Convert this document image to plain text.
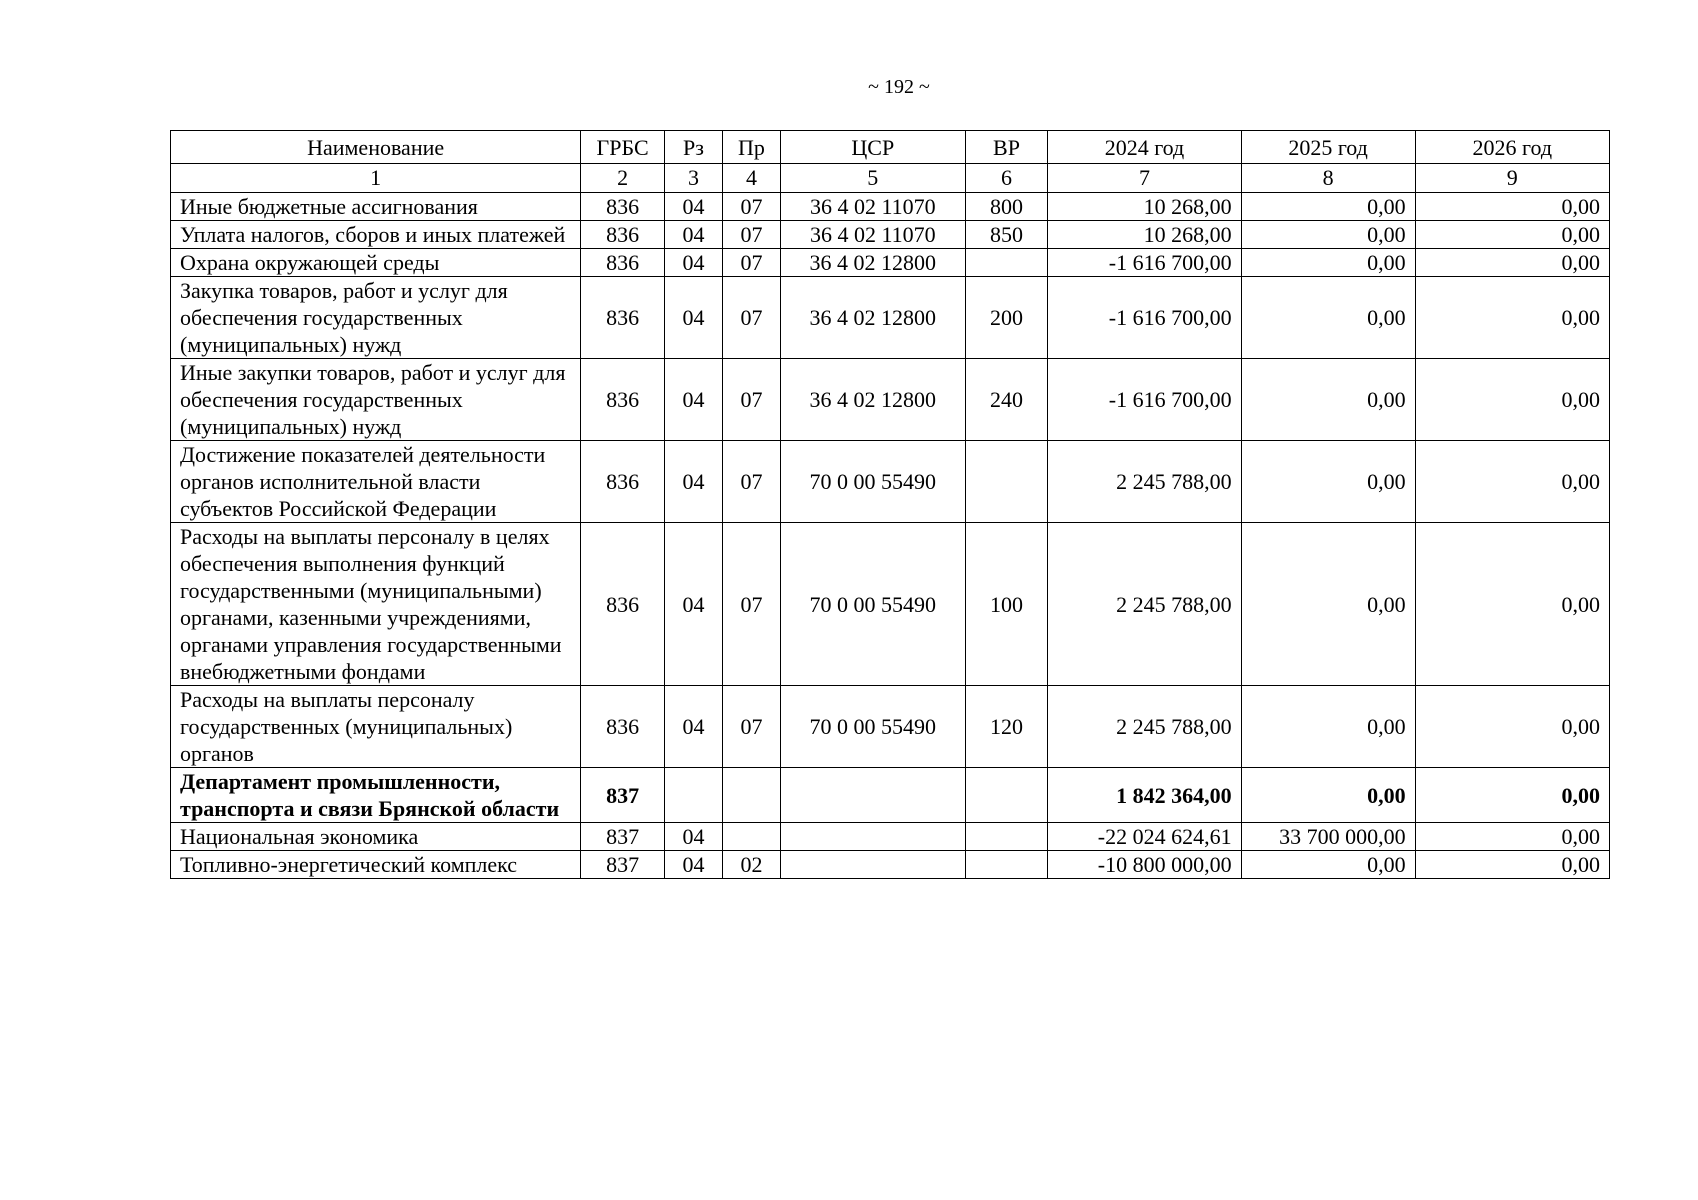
~ 192 ~
Наименование	ГРБС	Рз	Пр	ЦСР	ВР	2024 год	2025 год	2026 год
1	2	3	4	5	6	7	8	9
Иные бюджетные ассигнования	836	04	07	36 4 02 11070	800	10 268,00	0,00	0,00
Уплата налогов, сборов и иных платежей	836	04	07	36 4 02 11070	850	10 268,00	0,00	0,00
Охрана окружающей среды	836	04	07	36 4 02 12800		-1 616 700,00	0,00	0,00
Закупка товаров, работ и услуг для обеспечения государственных (муниципальных) нужд	836	04	07	36 4 02 12800	200	-1 616 700,00	0,00	0,00
Иные закупки товаров, работ и услуг для обеспечения государственных (муниципальных) нужд	836	04	07	36 4 02 12800	240	-1 616 700,00	0,00	0,00
Достижение показателей деятельности органов исполнительной власти субъектов Российской Федерации	836	04	07	70 0 00 55490		2 245 788,00	0,00	0,00
Расходы на выплаты персоналу в целях обеспечения выполнения функций государственными (муниципальными) органами, казенными учреждениями, органами управления государственными внебюджетными фондами	836	04	07	70 0 00 55490	100	2 245 788,00	0,00	0,00
Расходы на выплаты персоналу государственных (муниципальных) органов	836	04	07	70 0 00 55490	120	2 245 788,00	0,00	0,00
Департамент промышленности, транспорта и связи Брянской области	837					1 842 364,00	0,00	0,00
Национальная экономика	837	04				-22 024 624,61	33 700 000,00	0,00
Топливно-энергетический комплекс	837	04	02			-10 800 000,00	0,00	0,00
